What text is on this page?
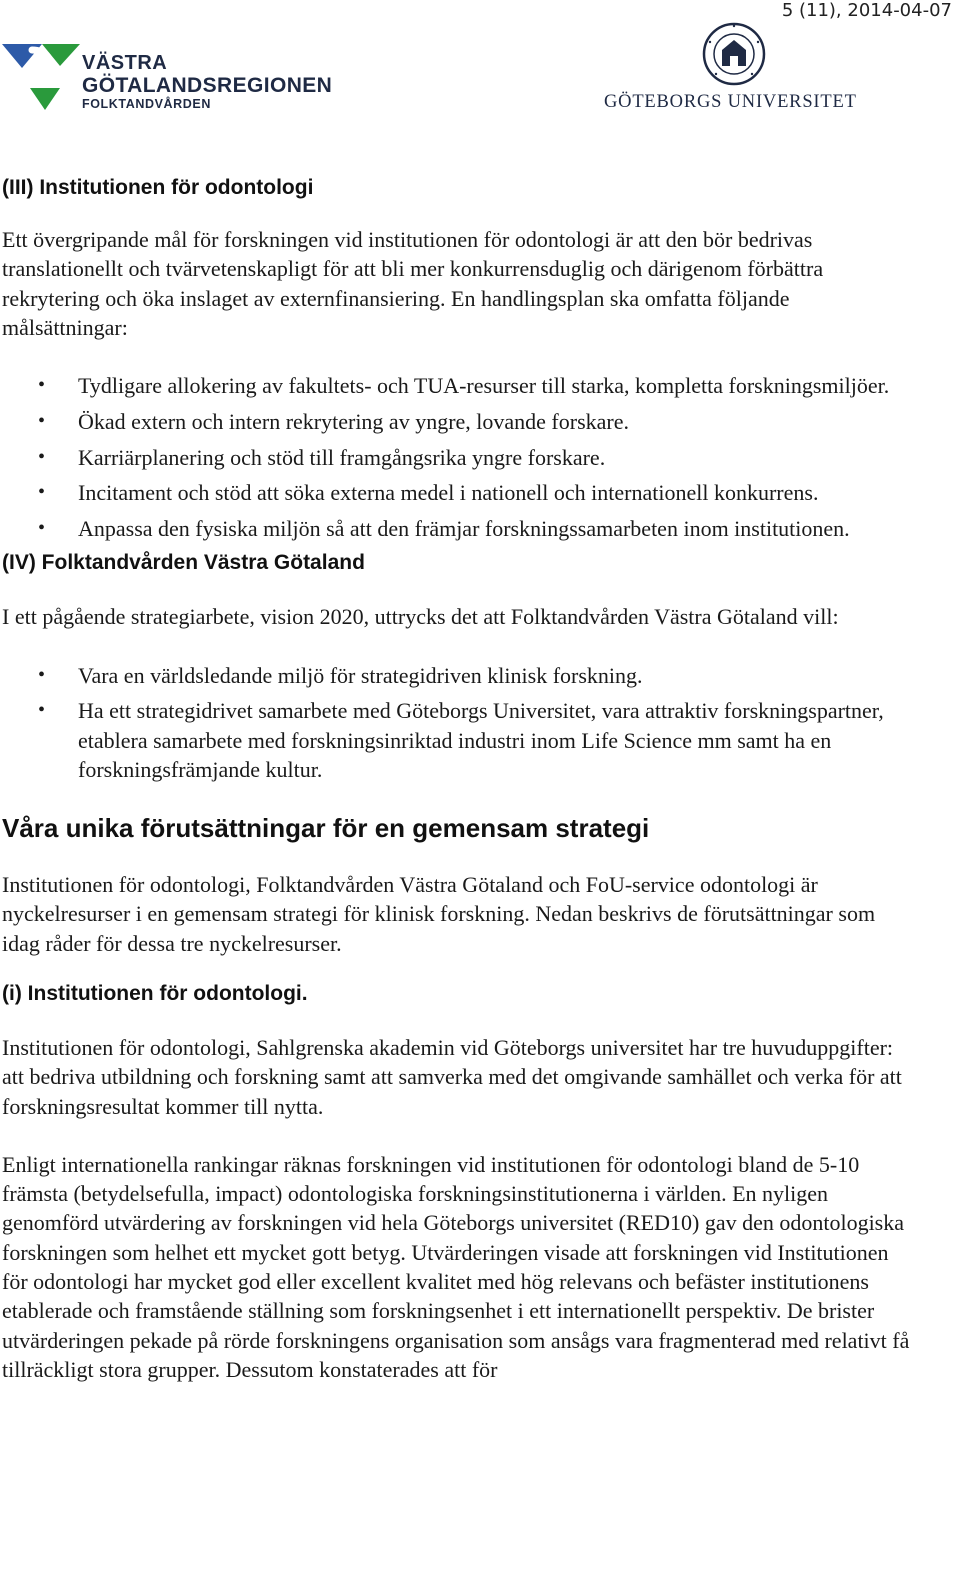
5 (11), 2014-04-07
VÄSTRA
GÖTALANDSREGIONEN
FOLKTANDVÅRDEN	GÖTEBORGS UNIVERSITET
(III) Institutionen för odontologi

Ett övergripande mål för forskningen vid institutionen för odontologi är att den bör bedrivas translationellt och tvärvetenskapligt för att bli mer konkurrensduglig och därigenom förbättra rekrytering och öka inslaget av externfinansiering. En handlingsplan ska omfatta följande målsättningar:

• Tydligare allokering av fakultets- och TUA-resurser till starka, kompletta forskningsmiljöer.
• Ökad extern och intern rekrytering av yngre, lovande forskare.
• Karriärplanering och stöd till framgångsrika yngre forskare.
• Incitament och stöd att söka externa medel i nationell och internationell konkurrens.
• Anpassa den fysiska miljön så att den främjar forskningssamarbeten inom institutionen.
(IV) Folktandvården Västra Götaland

I ett pågående strategiarbete, vision 2020, uttrycks det att Folktandvården Västra Götaland vill:

• Vara en världsledande miljö för strategidriven klinisk forskning.
• Ha ett strategidrivet samarbete med Göteborgs Universitet, vara attraktiv forskningspartner, etablera samarbete med forskningsinriktad industri inom Life Science mm samt ha en forskningsfrämjande kultur.
Våra unika förutsättningar för en gemensam strategi

Institutionen för odontologi, Folktandvården Västra Götaland och FoU-service odontologi är nyckelresurser i en gemensam strategi för klinisk forskning. Nedan beskrivs de förutsättningar som idag råder för dessa tre nyckelresurser.

(i) Institutionen för odontologi.

Institutionen för odontologi, Sahlgrenska akademin vid Göteborgs universitet har tre huvuduppgifter: att bedriva utbildning och forskning samt att samverka med det omgivande samhället och verka för att forskningsresultat kommer till nytta.

Enligt internationella rankingar räknas forskningen vid institutionen för odontologi bland de 5-10 främsta (betydelsefulla, impact) odontologiska forskningsinstitutionerna i världen. En nyligen genomförd utvärdering av forskningen vid hela Göteborgs universitet (RED10) gav den odontologiska forskningen som helhet ett mycket gott betyg. Utvärderingen visade att forskningen vid Institutionen för odontologi har mycket god eller excellent kvalitet med hög relevans och befäster institutionens etablerade och framstående ställning som forskningsenhet i ett internationellt perspektiv. De brister utvärderingen pekade på rörde forskningens organisation som ansågs vara fragmenterad med relativt få tillräckligt stora grupper. Dessutom konstaterades att för
